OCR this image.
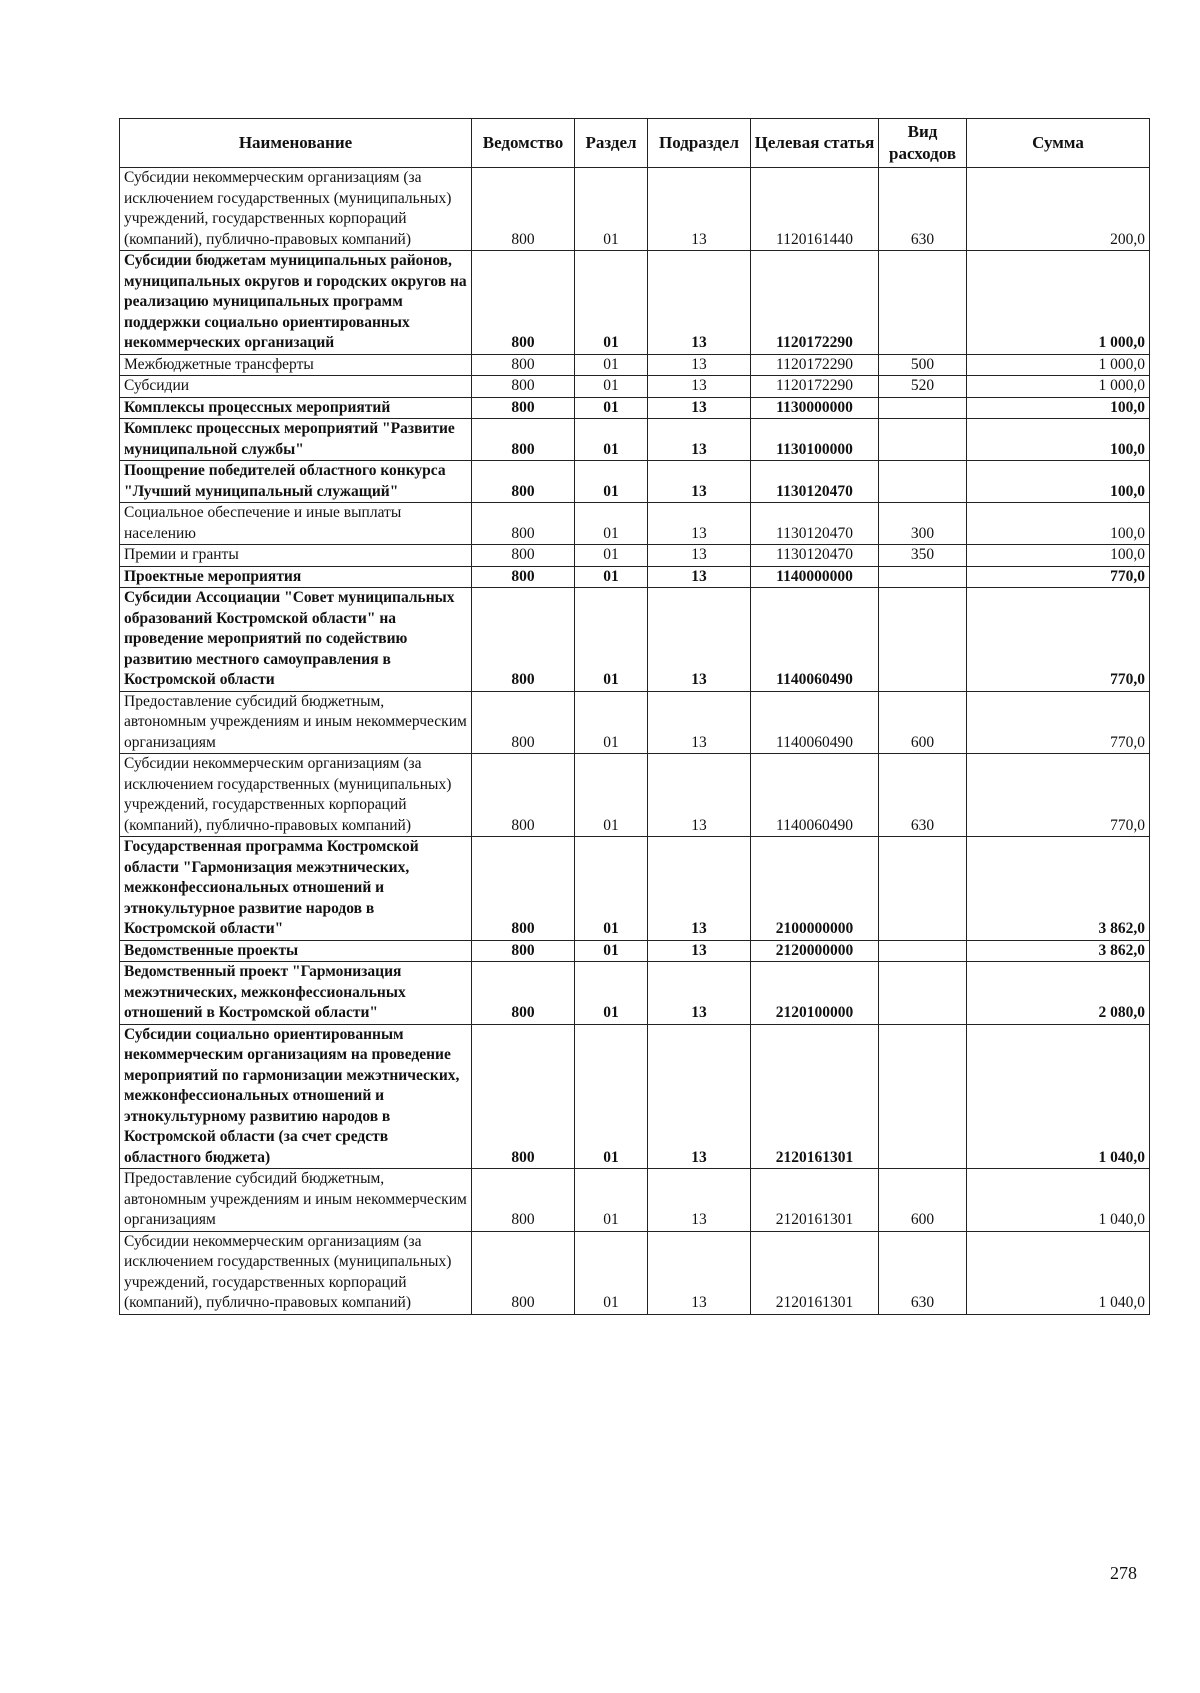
Наименование	Ведомство	Раздел	Подраздел	Целевая статья	Вид расходов	Сумма
Субсидии некоммерческим организациям (за исключением государственных (муниципальных) учреждений, государственных корпораций (компаний), публично-правовых компаний)	800	01	13	1120161440	630	200,0
Субсидии бюджетам муниципальных районов, муниципальных округов и городских округов на реализацию муниципальных программ поддержки социально ориентированных некоммерческих организаций	800	01	13	1120172290		1 000,0
Межбюджетные трансферты	800	01	13	1120172290	500	1 000,0
Субсидии	800	01	13	1120172290	520	1 000,0
Комплексы процессных мероприятий	800	01	13	1130000000		100,0
Комплекс процессных мероприятий "Развитие муниципальной службы"	800	01	13	1130100000		100,0
Поощрение победителей областного конкурса "Лучший муниципальный служащий"	800	01	13	1130120470		100,0
Социальное обеспечение и иные выплаты населению	800	01	13	1130120470	300	100,0
Премии и гранты	800	01	13	1130120470	350	100,0
Проектные мероприятия	800	01	13	1140000000		770,0
Субсидии Ассоциации "Совет муниципальных образований Костромской области" на проведение мероприятий по содействию развитию местного самоуправления в Костромской области	800	01	13	1140060490		770,0
Предоставление субсидий бюджетным, автономным учреждениям и иным некоммерческим организациям	800	01	13	1140060490	600	770,0
Субсидии некоммерческим организациям (за исключением государственных (муниципальных) учреждений, государственных корпораций (компаний), публично-правовых компаний)	800	01	13	1140060490	630	770,0
Государственная программа Костромской области "Гармонизация межэтнических, межконфессиональных отношений и этнокультурное развитие народов в Костромской области"	800	01	13	2100000000		3 862,0
Ведомственные проекты	800	01	13	2120000000		3 862,0
Ведомственный проект "Гармонизация межэтнических, межконфессиональных отношений в Костромской области"	800	01	13	2120100000		2 080,0
Субсидии социально ориентированным некоммерческим организациям на проведение мероприятий по гармонизации межэтнических, межконфессиональных отношений и этнокультурному развитию народов в Костромской области (за счет средств областного бюджета)	800	01	13	2120161301		1 040,0
Предоставление субсидий бюджетным, автономным учреждениям и иным некоммерческим организациям	800	01	13	2120161301	600	1 040,0
Субсидии некоммерческим организациям (за исключением государственных (муниципальных) учреждений, государственных корпораций (компаний), публично-правовых компаний)	800	01	13	2120161301	630	1 040,0
278
